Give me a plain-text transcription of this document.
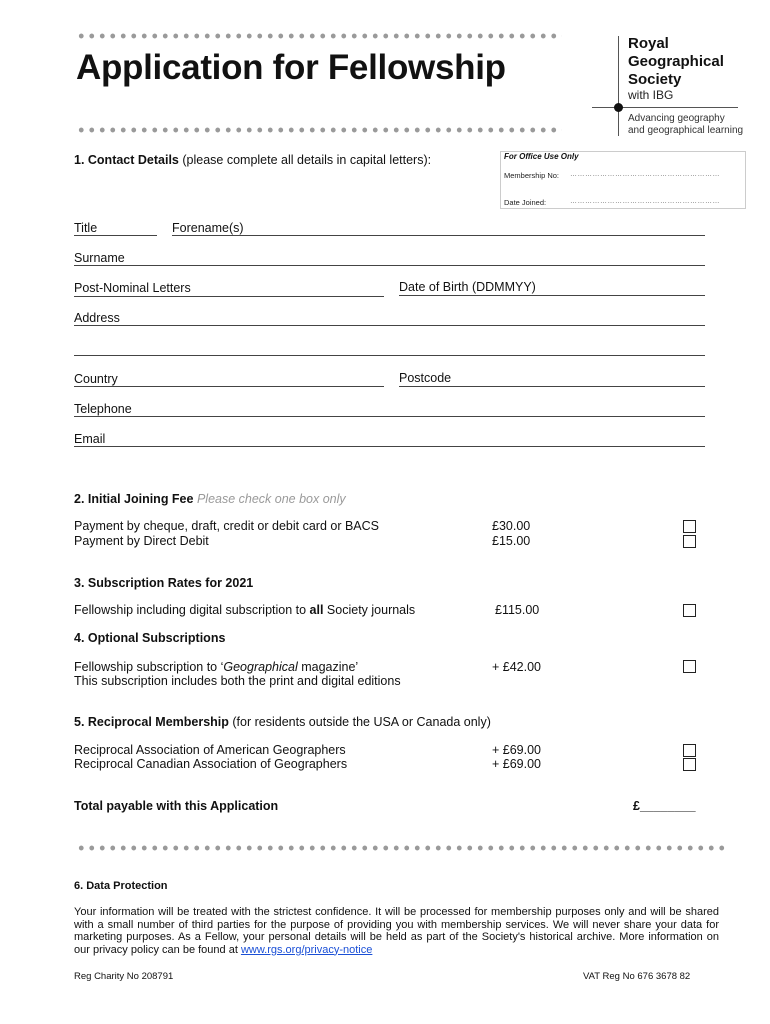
Application for Fellowship
Royal
Geographical
Society
with IBG
Advancing geography
and geographical learning
1. Contact Details (please complete all details in capital letters):	For Office Use Only
Membership No: ……………………………………………………
Date Joined:	……………………………………………………
Title	Forename(s)
Surname
Post-Nominal Letters	Date of Birth (DDMMYY)
Address
Country	Postcode
Telephone
Email
2. Initial Joining Fee Please check one box only
Payment by cheque, draft, credit or debit card or BACS	£30.00
Payment by Direct Debit	£15.00
3. Subscription Rates for 2021
Fellowship including digital subscription to all Society journals	£115.00
4. Optional Subscriptions
Fellowship subscription to ‘Geographical magazine’
This subscription includes both the print and digital editions
+ £42.00
5. Reciprocal Membership (for residents outside the USA or Canada only)
Reciprocal Association of American Geographers	+ £69.00
Reciprocal Canadian Association of Geographers	+ £69.00
Total payable with this Application	£________
6. Data Protection
Your information will be treated with the strictest confidence. It will be processed for membership purposes only and will be shared with a small number of third parties for the purpose of providing you with membership services. We will never share your data for marketing purposes. As a Fellow, your personal details will be held as part of the Society's historical archive. More information on our privacy policy can be found at www.rgs.org/privacy-notice
Reg Charity No 208791	VAT Reg No 676 3678 82
